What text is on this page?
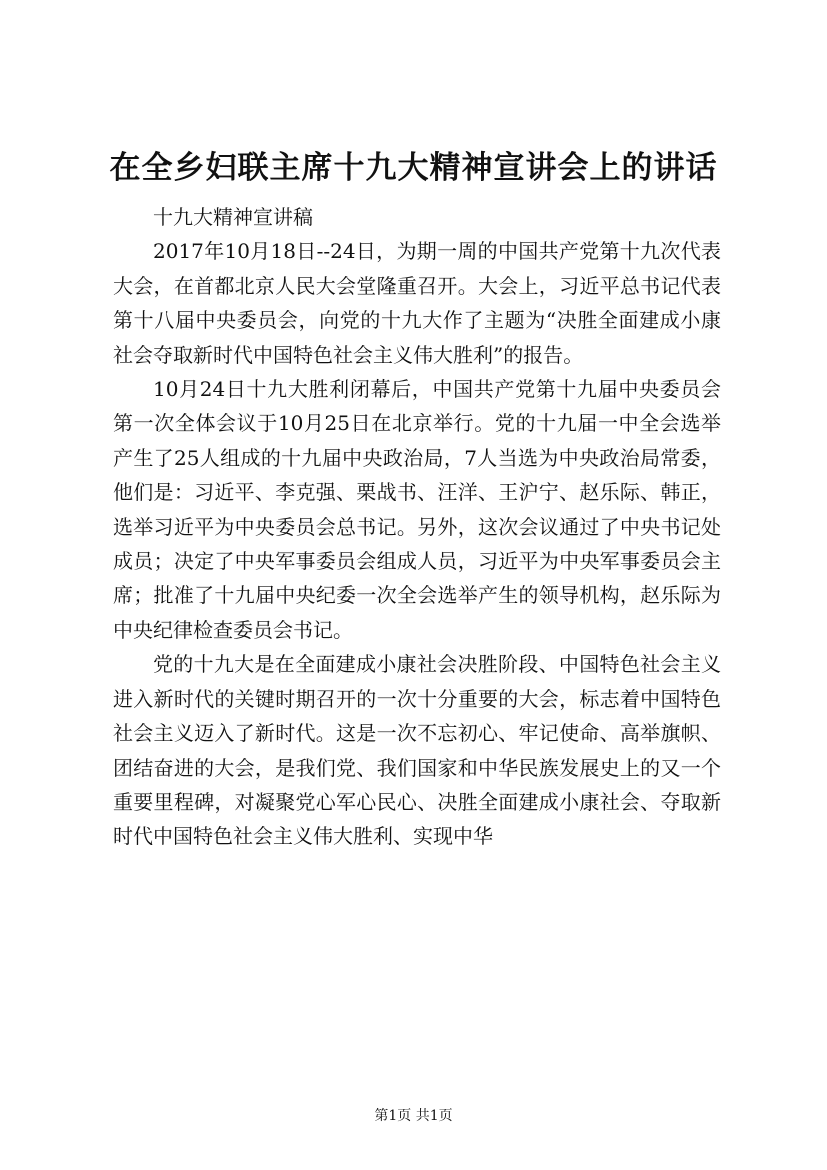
在全乡妇联主席十九大精神宣讲会上的讲话

十九大精神宣讲稿

2017年10月18日--24日，为期一周的中国共产党第十九次代表大会，在首都北京人民大会堂隆重召开。大会上，习近平总书记代表第十八届中央委员会，向党的十九大作了主题为“决胜全面建成小康社会夺取新时代中国特色社会主义伟大胜利”的报告。

10月24日十九大胜利闭幕后，中国共产党第十九届中央委员会第一次全体会议于10月25日在北京举行。党的十九届一中全会选举产生了25人组成的十九届中央政治局，7人当选为中央政治局常委，他们是：习近平、李克强、栗战书、汪洋、王沪宁、赵乐际、韩正，选举习近平为中央委员会总书记。另外，这次会议通过了中央书记处成员；决定了中央军事委员会组成人员，习近平为中央军事委员会主席；批准了十九届中央纪委一次全会选举产生的领导机构，赵乐际为中央纪律检查委员会书记。

党的十九大是在全面建成小康社会决胜阶段、中国特色社会主义进入新时代的关键时期召开的一次十分重要的大会，标志着中国特色社会主义迈入了新时代。这是一次不忘初心、牢记使命、高举旗帜、团结奋进的大会，是我们党、我们国家和中华民族发展史上的又一个重要里程碑，对凝聚党心军心民心、决胜全面建成小康社会、夺取新时代中国特色社会主义伟大胜利、实现中华

第1页 共1页
